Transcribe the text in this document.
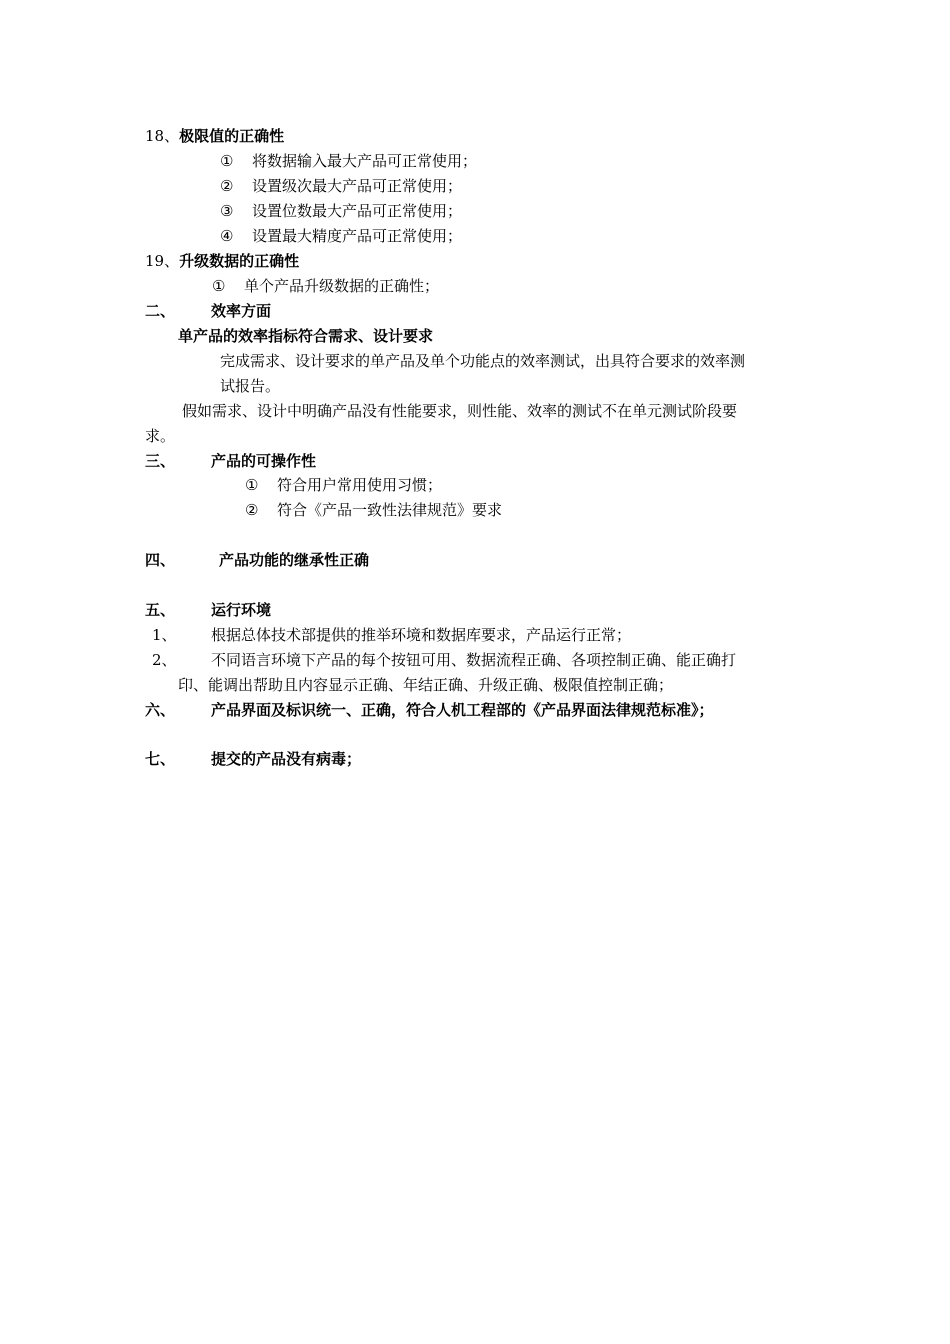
18、极限值的正确性
① 将数据输入最大产品可正常使用；
② 设置级次最大产品可正常使用；
③ 设置位数最大产品可正常使用；
④ 设置最大精度产品可正常使用；
19、升级数据的正确性
① 单个产品升级数据的正确性；
二、 效率方面
单产品的效率指标符合需求、设计要求
完成需求、设计要求的单产品及单个功能点的效率测试，出具符合要求的效率测
试报告。
假如需求、设计中明确产品没有性能要求，则性能、效率的测试不在单元测试阶段要
求。
三、 产品的可操作性
① 符合用户常用使用习惯；
② 符合《产品一致性法律规范》要求
四、	产品功能的继承性正确
五、 运行环境
1、 根据总体技术部提供的推举环境和数据库要求，产品运行正常；
2、 不同语言环境下产品的每个按钮可用、数据流程正确、各项控制正确、能正确打
印、能调出帮助且内容显示正确、年结正确、升级正确、极限值控制正确；
六、 产品界面及标识统一、正确，符合人机工程部的《产品界面法律规范标准》；
七、 提交的产品没有病毒；
